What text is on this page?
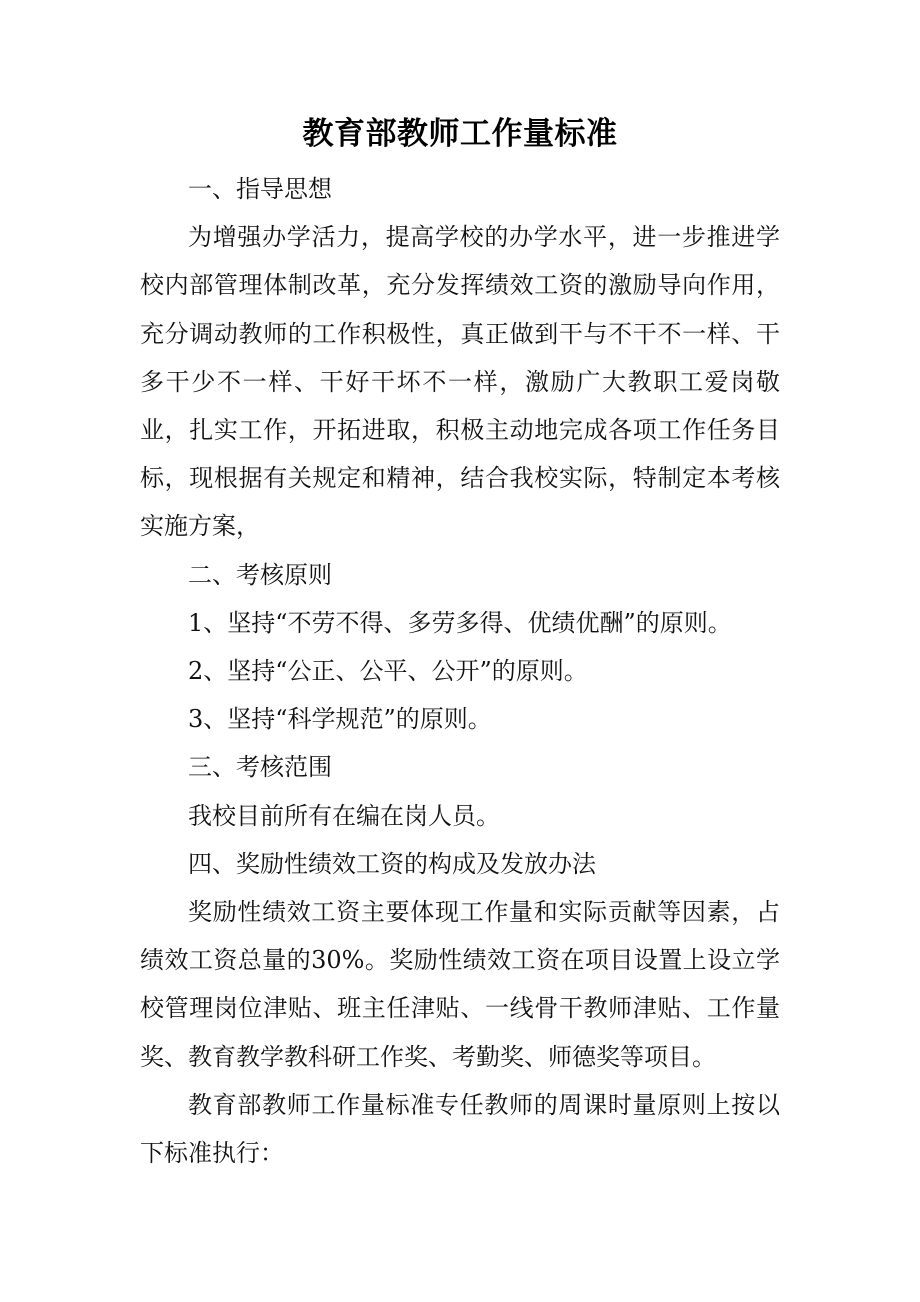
教育部教师工作量标准

一、指导思想

为增强办学活力，提高学校的办学水平，进一步推进学校内部管理体制改革，充分发挥绩效工资的激励导向作用，充分调动教师的工作积极性，真正做到干与不干不一样、干多干少不一样、干好干坏不一样，激励广大教职工爱岗敬业，扎实工作，开拓进取，积极主动地完成各项工作任务目标，现根据有关规定和精神，结合我校实际，特制定本考核实施方案，

二、考核原则

1、坚持“不劳不得、多劳多得、优绩优酬”的原则。

2、坚持“公正、公平、公开”的原则。

3、坚持“科学规范”的原则。

三、考核范围

我校目前所有在编在岗人员。

四、奖励性绩效工资的构成及发放办法

奖励性绩效工资主要体现工作量和实际贡献等因素，占绩效工资总量的30%。奖励性绩效工资在项目设置上设立学校管理岗位津贴、班主任津贴、一线骨干教师津贴、工作量奖、教育教学教科研工作奖、考勤奖、师德奖等项目。

教育部教师工作量标准专任教师的周课时量原则上按以下标准执行：
